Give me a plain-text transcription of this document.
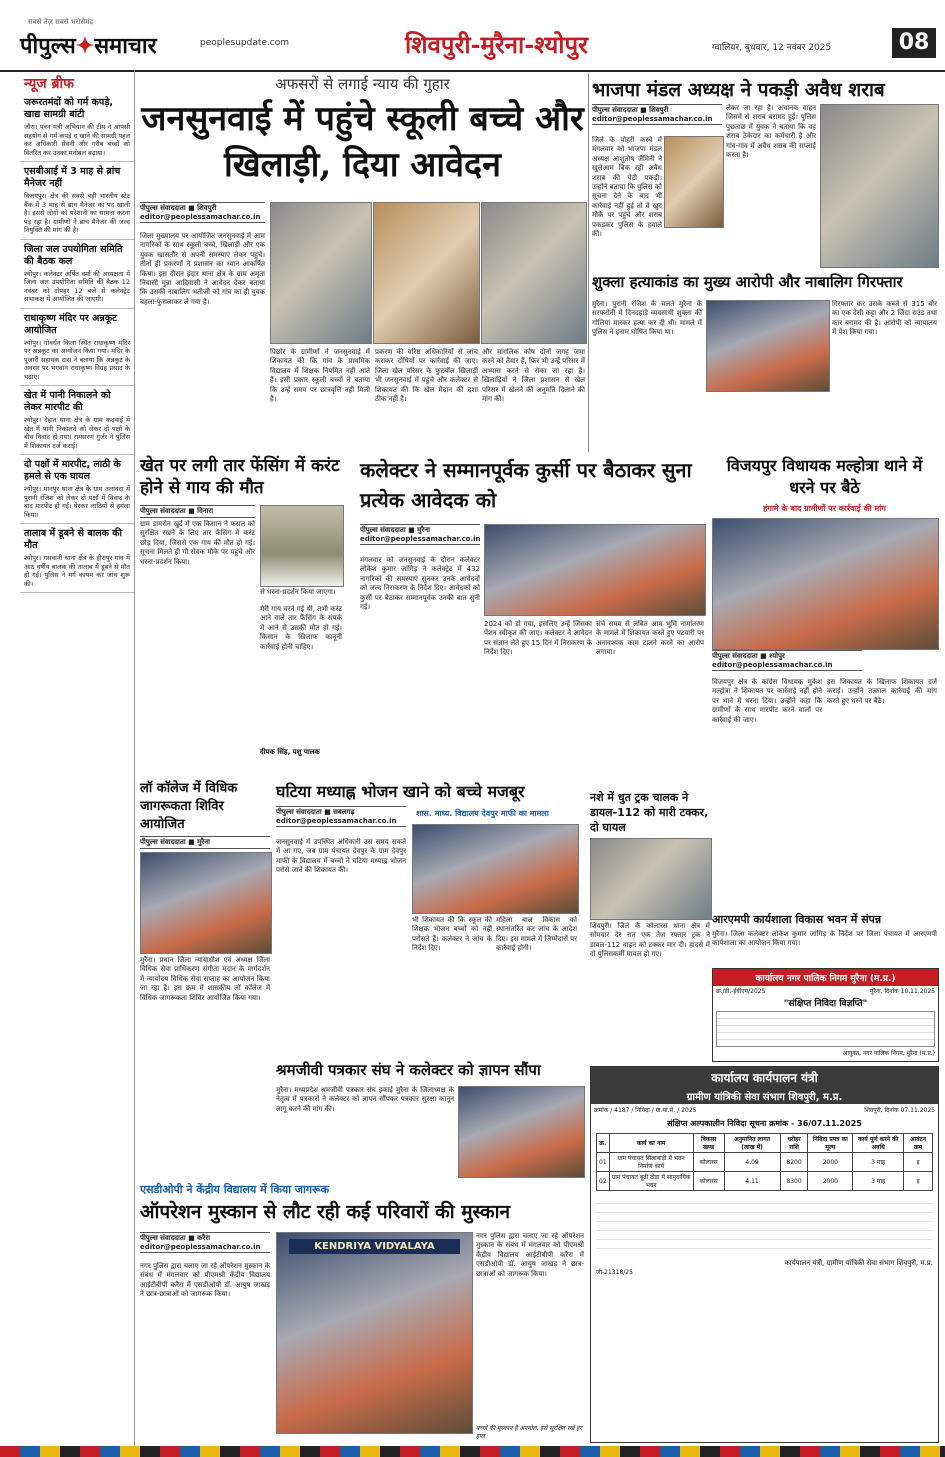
सबसे तेज़ सबसे भरोसेमंद
पीपुल्स✦समाचार	peoplesupdate.com	शिवपुरी-मुरैना-श्योपुर	ग्वालियर, बुधवार, 12 नवंबर 2025	08
न्यूज ब्रीफ
जरूरतमंदों को गर्म कपड़े, खाद्य सामग्री बांटी
जौरा। पवन मंत्री अभियान की टीम ने आपसी सहयोग से गर्म कपड़े व खाने की सामग्री पहल कर अधिकारी सेवनी और गरीब बच्चों को वितरित कर उनका मनोबल बढ़ाया।
एसबीआई में 3 माह से ब्रांच मैनेजर नहीं
विजयपुर। क्षेत्र की सबसे बड़ी भारतीय स्टेट बैंक में 3 माह से ब्रांच मैनेजर का पद खाली है। इससे लोगों को परेशानी का सामना करना पड़ रहा है। ग्रामीणों ने ब्रांच मैनेजर की जल्द नियुक्ति की मांग की है।
जिला जल उपयोगिता समिति की बैठक कल
श्योपुर। कलेक्टर अर्पित वर्मा की अध्यक्षता में जिला जल उपयोगिता समिति की बैठक 12 नवंबर को दोपहर 12 बजे से कलेक्ट्रेट सभाकक्ष में आयोजित की जाएगी।
राधाकृष्ण मंदिर पर अन्नकूट आयोजित
श्योपुर। गोवर्धन किला स्थित राधाकृष्ण मंदिर पर अन्नकूट का आयोजन किया गया। मंदिर के पुजारी सहायक दास ने बताया कि अन्नकूट के अवसर पर भगवान राधाकृष्ण विग्रह प्रसाद के चढ़ाए।
खेत में पानी निकालने को लेकर मारपीट की
श्योपुर। देहात थाना क्षेत्र के ग्राम कदवाई में खेत में पानी निकालने को लेकर दो पक्षों के बीच विवाद हो गया। रामसरण गुर्जर ने पुलिस में शिकायत दर्ज कराई।
दो पक्षों में मारपीट, लाठी के हमले से एक घायल
श्योपुर। मानपुर थाना क्षेत्र के ग्राम तलावदा में पुरानी रंजिश को लेकर दो पक्षों में विवाद के बाद मारपीट हो गई। घेरकर लाठियों से हमला किया।
तालाब में डूबने से बालक की मौत
श्योपुर। गसवानी थाना क्षेत्र के हीरापुर गांव में आठ वर्षीय बालक की तालाब में डूबने से मौत हो गई। पुलिस ने मर्ग कायम कर जांच शुरू की।
अफसरों से लगाई न्याय की गुहार
जनसुनवाई में पहुंचे स्कूली बच्चे और खिलाड़ी, दिया आवेदन
पीपुल्स संवाददाता ■ शिवपुरी
editor@peoplessamachar.co.in
जिला मुख्यालय पर आयोजित जनसुनवाई में आम नागरिकों के साथ स्कूली बच्चे, खिलाड़ी और एक युवक खासतौर से अपनी समस्याएं लेकर पहुंचे। तीनों ही प्रकरणों ने प्रशासन का ध्यान आकर्षित किया। इस दौरान इंदार थाना क्षेत्र के ग्राम अमृता निवासी मुन्ना आदिवासी ने आवेदन देकर बताया कि उसकी नाबालिग भतीजी को गांव का ही युवक बहला-फुसलाकर ले गया है।
पिछोर के ग्रामीणों ने जनसुनवाई में शिकायत की कि गांव के प्राथमिक विद्यालय में शिक्षक नियमित नहीं आते हैं। इसी प्रकार स्कूली बच्चों ने बताया कि उन्हें समय पर छात्रवृत्ति नहीं मिली है।
प्रकरण की वरिष्ठ अधिकारियों से जांच कराकर दोषियों पर कार्रवाई की जाए। जिला खेल परिसर के फुटबॉल खिलाड़ी भी जनसुनवाई में पहुंचे और कलेक्टर से शिकायत की कि खेल मैदान की दशा ठीक नहीं है।
और मांगलिक कोष दोनों जगह जमा करने को तैयार हैं, फिर भी उन्हें परिसर में अभ्यास करने से रोका जा रहा है। खिलाड़ियों ने जिला प्रशासन से खेल परिसर में खेलने की अनुमति दिलाने की मांग की।
भाजपा मंडल अध्यक्ष ने पकड़ी अवैध शराब
पीपुल्स संवाददाता ■ शिवपुरी
editor@peoplessamachar.co.in
जिले के पोहरी कस्बे में मंगलवार को भाजपा मंडल अध्यक्ष आशुतोष जैमिनी ने खुलेआम बिक रही अवैध शराब की पेटी पकड़ी। उन्होंने बताया कि पुलिस को सूचना देने के बाद भी कार्रवाई नहीं हुई तो वे खुद मौके पर पहुंचे और शराब पकड़कर पुलिस के हवाले की।
लेकर जा रहा है। अचानक वाहन जिसमें से शराब बरामद हुई। पुलिस पुछताछ में युवक ने बताया कि वह शराब ठेकेदार का कर्मचारी है और गांव-गांव में अवैध शराब की सप्लाई करता है।
शुक्ला हत्याकांड का मुख्य आरोपी और नाबालिग गिरफ्तार
मुरैना। पुरानी रंजिश के चलते मुरैना के सरफरोनी में दिनदहाड़े व्यवसायी शुक्ला की गोलियां मारकर हत्या कर दी थी। मामले में पुलिस ने इनाम घोषित किया था।
गिरफ्तार कर उसके कब्जे से 315 बोर का एक देसी कट्टा और 2 जिंदा राउंड तथा कार बरामद की है। आरोपी को न्यायालय में पेश किया गया।
खेत पर लगी तार फेंसिंग में करंट होने से गाय की मौत
पीपुल्स संवाददाता ■ दिनारा
ग्राम डामरोन खुर्द में एक किसान ने फसल को सुरक्षित रखने के लिए तार फेंसिंग में करंट छोड़ दिया, जिससे एक गाय की मौत हो गई। सूचना मिलते ही गौ सेवक मौके पर पहुंचे और धरना-प्रदर्शन किया।
से धरना-प्रदर्शन किया जाएगा।
मेरी गाय चरने गई थी, तभी करंट आने वाले तार फैंसिंग के संपर्क में आने से उसकी मौत हो गई। किसान के खिलाफ कानूनी कार्रवाई होनी चाहिए।
दीपक सिंह, पशु पालक
कलेक्टर ने सम्मानपूर्वक कुर्सी पर बैठाकर सुना प्रत्येक आवेदक को
पीपुल्स संवाददाता ■ मुरैना
editor@peoplessamachar.co.in
मंगलवार को जनसुनवाई के दौरान कलेक्टर लोकेश कुमार जांगिड़ ने कलेक्ट्रेट में 432 नागरिकों की समस्याएं सुनकर उनके आवेदनों को जल्द निराकरण के निर्देश दिए। आवेदकों को कुर्सी पर बैठाकर सम्मानपूर्वक उनकी बात सुनी गई।
2024 को डो गया, इसलिए उन्हें जिसका पेंशन स्वीकृत की जाए। कलेक्टर ने आवेदन पर संज्ञान लेते हुए 15 दिन में निराकरण के निर्देश दिए।
संचे समय से लंबित आम भूमि नामांतरण के मामले में शिकायत करते हुए पटवारी पर अनावश्यक काम टालने करने का आरोप लगाया।
विजयपुर विधायक मल्होत्रा थाने में धरने पर बैठे
हंगामे के बाद ग्रामीणों पर कार्रवाई की मांग
पीपुल्स संवाददाता ■ श्योपुर editor@peoplessamachar.co.in
विजयपुर क्षेत्र के कांग्रेस विधायक मुकेश मल्होत्रा ने शिकायत पर कार्रवाई नहीं होने पर थाने में धरना दिया। उन्होंने कहा कि ग्रामीणों के साथ मारपीट करने वालों पर कार्रवाई की जाए।
इस शिकायत के खिलाफ शिकायत दर्ज कराई। उन्होंने तत्काल कार्रवाई की मांग करते हुए धरने पर बैठे।
लॉ कॉलेज में विधिक जागरूकता शिविर आयोजित
पीपुल्स संवाददाता ■ मुरैना
मुरैना। प्रधान जिला न्यायाधीश एवं अध्यक्ष जिला विधिक सेवा प्राधिकरण संगीता मदान के मार्गदर्शन में न्यायोदय विधिक सेवा सप्ताह का आयोजन किया जा रहा है। इस क्रम में शासकीय लॉ कॉलेज में विधिक जागरूकता शिविर आयोजित किया गया।
घटिया मध्याह्न भोजन खाने को बच्चे मजबूर
शास. माध्य. विद्यालय देवपुर माफी का मामला
पीपुल्स संवाददाता ■ सबलगढ़
editor@peoplessamachar.co.in
जनसुनवाई में उपस्थित अधिकारी उस समय सकते में आ गए, जब ग्राम पंचायत देवपुर के ग्राम देवपुर माफी के विद्यालय में बच्चों ने घटिया मध्याह्न भोजन परोसे जाने की शिकायत की।
भी शिकायत की कि स्कूल की शिक्षक भोजन बच्चों को नहीं परोसते हैं। कलेक्टर ने जांच के निर्देश दिए।
महिला बाल विकास को स्थानांतरित कर जांच के आदेश दिए। इस मामले में जिम्मेदारों पर कार्रवाई होगी।
नशे में धुत ट्रक चालक ने डायल-112 को मारी टक्कर, दो घायल
शिवपुरी। जिले के कोलारस थाना क्षेत्र में सोमवार देर रात एक तेज रफ्तार ट्रक ने डायल-112 वाहन को टक्कर मार दी। हादसे में दो पुलिसकर्मी घायल हो गए।
श्रमजीवी पत्रकार संघ ने कलेक्टर को ज्ञापन सौंपा
मुरैना। मध्यप्रदेश श्रमजीवी पत्रकार संघ इकाई मुरैना के जिलाध्यक्ष के नेतृत्व में पत्रकारों ने कलेक्टर को ज्ञापन सौंपकर पत्रकार सुरक्षा कानून लागू करने की मांग की।
आरएमपी कार्यशाला विकास भवन में संपन्न
मुरैना। जिला कलेक्टर लोकेश कुमार जांगिड़ के निर्देश पर जिला पंचायत में आरएमपी कार्यशाला का आयोजन किया गया।
कार्यालय नगर पालिक निगम मुरैना (म.प्र.)
क्र./डी.-ईवीएम/2025	मुरैना, दिनांक 10.11.2025
"संक्षिप्त निविदा विज्ञप्ति"
आयुक्त, नगर पालिक निगम, मुरैना (म.प्र.)
कार्यालय कार्यपालन यंत्री
ग्रामीण यांत्रिकी सेवा संभाग शिवपुरी, म.प्र.
क्रमांक / 4187 / निविदा / ग्रा.या.से. / 2025	शिवपुरी, दिनांक 07.11.2025
संक्षिप्त अल्पकालीन निविदा सूचना क्रमांक - 36/07.11.2025
क्र.	कार्य का नाम	विकास खण्ड	अनुमानित लागत (लाख में)	धरोहर राशि	निविदा प्रपत्र का मूल्य	कार्य पूर्ण करने की अवधि	आवंटन क्रम
01	ग्राम पंचायत सिलाबाड़ी में भवन निर्माण कार्य	कोलारस	4.09	8200	2000	3 माह	इ
02	ग्राम पंचायत बूढ़ी टोडा में सामुदायिक भवन	कोलारस	4.11	8300	2000	3 माह	इ
कार्यपालन यंत्री, ग्रामीण यांत्रिकी सेवा संभाग शिवपुरी, म.प्र.
जी-21318/25
एसडीओपी ने केंद्रीय विद्यालय में किया जागरूक
ऑपरेशन मुस्कान से लौट रही कई परिवारों की मुस्कान
पीपुल्स संवाददाता ■ करैरा
editor@peoplessamachar.co.in
नगर पुलिस द्वारा चलाए जा रहे ऑपरेशन मुस्कान के संबंध में मंगलवार को पीएमश्री केंद्रीय विद्यालय आईटीबीपी करैरा में एसडीओपी डॉ. आयुष जाखड़ ने छात्र-छात्राओं को जागरूक किया।
KENDRIYA VIDYALAYA
नगर पुलिस द्वारा चलाए जा रहे ऑपरेशन मुस्कान के संबंध में मंगलवार को पीएमश्री केंद्रीय विद्यालय आईटीबीपी करैरा में एसडीओपी डॉ. आयुष जाखड़ ने छात्र-छात्राओं को जागरूक किया।
बच्चों की मुस्कान है अनमोल, इसे सुरक्षित रखें हर हाल
